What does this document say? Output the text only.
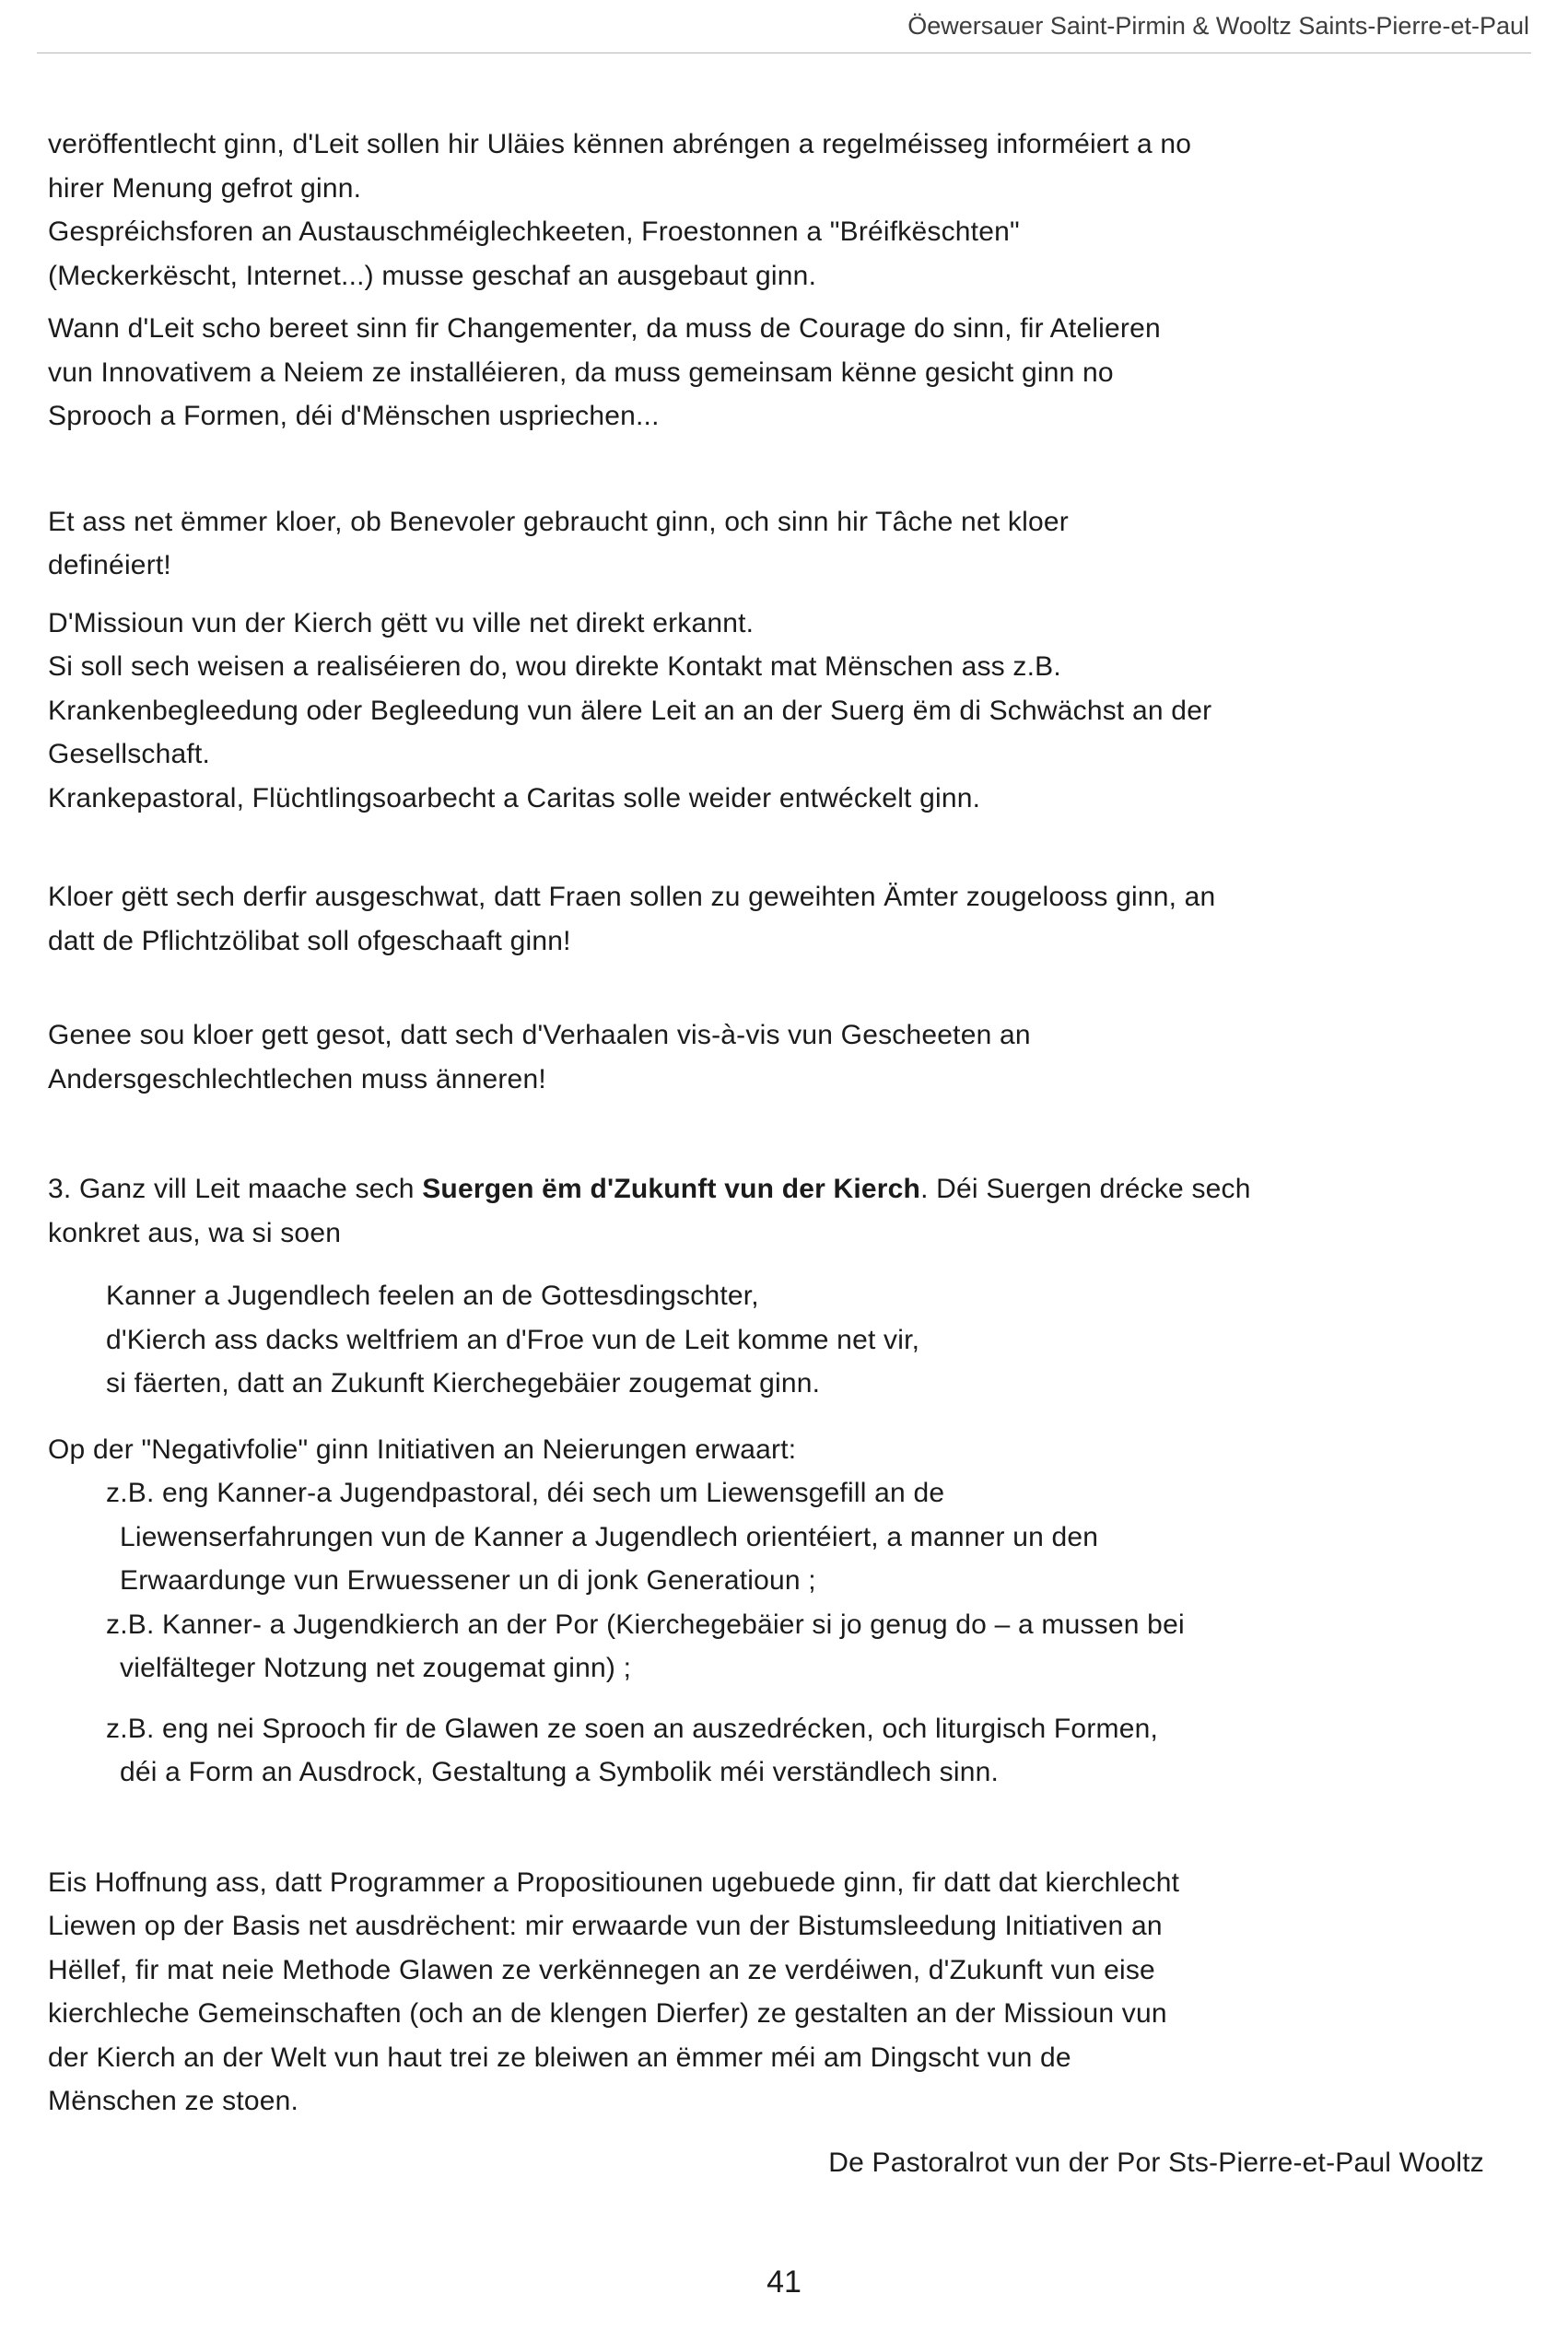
Öewersauer Saint-Pirmin & Wooltz Saints-Pierre-et-Paul
veröffentlecht ginn, d'Leit sollen hir Uläies kënnen abréngen a regelméisseg informéiert a no
hirer Menung gefrot ginn.
Gespréichsforen an Austauschméiglechkeeten, Froestonnen a "Bréifkëschten"
(Meckerkëscht, Internet...) musse geschaf an ausgebaut ginn.
Wann d'Leit scho bereet sinn fir Changementer, da muss de Courage do sinn, fir Atelieren
vun Innovativem a Neiem ze installéieren, da muss gemeinsam kënne gesicht ginn no
Sprooch a Formen, déi d'Mënschen uspriechen...
Et ass net ëmmer kloer, ob Benevoler gebraucht ginn, och sinn hir Tâche net kloer
definéiert!
D'Missioun vun der Kierch gëtt vu ville net direkt erkannt.
Si soll sech weisen a realiséieren do, wou direkte Kontakt mat Mënschen ass z.B.
Krankenbegleedung oder Begleedung vun älere Leit an an der Suerg ëm di Schwächst an der
Gesellschaft.
Krankepastoral, Flüchtlingsoarbecht a Caritas solle weider entwéckelt ginn.
Kloer gëtt sech derfir ausgeschwat, datt Fraen sollen zu geweihten Ämter zougelooss ginn, an
datt de Pflichtzölibat soll ofgeschaaft ginn!
Genee sou kloer gett gesot, datt sech d'Verhaalen vis-à-vis vun Gescheeten an
Andersgeschlechtlechen muss änneren!
3. Ganz vill Leit maache sech Suergen ëm d'Zukunft vun der Kierch. Déi Suergen drécke sech
konkret aus, wa si soen
Kanner a Jugendlech feelen an de Gottesdingschter,
d'Kierch ass dacks weltfriem an d'Froe vun de Leit komme net vir,
si fäerten, datt an Zukunft Kierchegebäier zougemat ginn.
Op der "Negativfolie" ginn Initiativen an Neierungen erwaart:
z.B. eng Kanner-a Jugendpastoral, déi sech um Liewensgefill an de
Liewenserfahrungen vun de Kanner a Jugendlech orientéiert, a manner un den
Erwaardunge vun Erwuessener un di jonk Generatioun ;
z.B. Kanner- a Jugendkierch an der Por (Kierchegebäier si jo genug do – a mussen bei
vielfälteger Notzung net zougemat ginn) ;
z.B. eng nei Sprooch fir de Glawen ze soen an auszedrécken, och liturgisch Formen,
déi a Form an Ausdrock, Gestaltung a Symbolik méi verständlech sinn.
Eis Hoffnung ass, datt Programmer a Propositiounen ugebuede ginn, fir datt dat kierchlecht
Liewen op der Basis net ausdrëchent: mir erwaarde vun der Bistumsleedung Initiativen an
Hëllef, fir mat neie Methode Glawen ze verkënnegen an ze verdéiwen, d'Zukunft vun eise
kierchleche Gemeinschaften (och an de klengen Dierfer) ze gestalten an der Missioun vun
der Kierch an der Welt vun haut trei ze bleiwen an ëmmer méi am Dingscht vun de
Mënschen ze stoen.
De Pastoralrot vun der Por Sts-Pierre-et-Paul Wooltz
41
